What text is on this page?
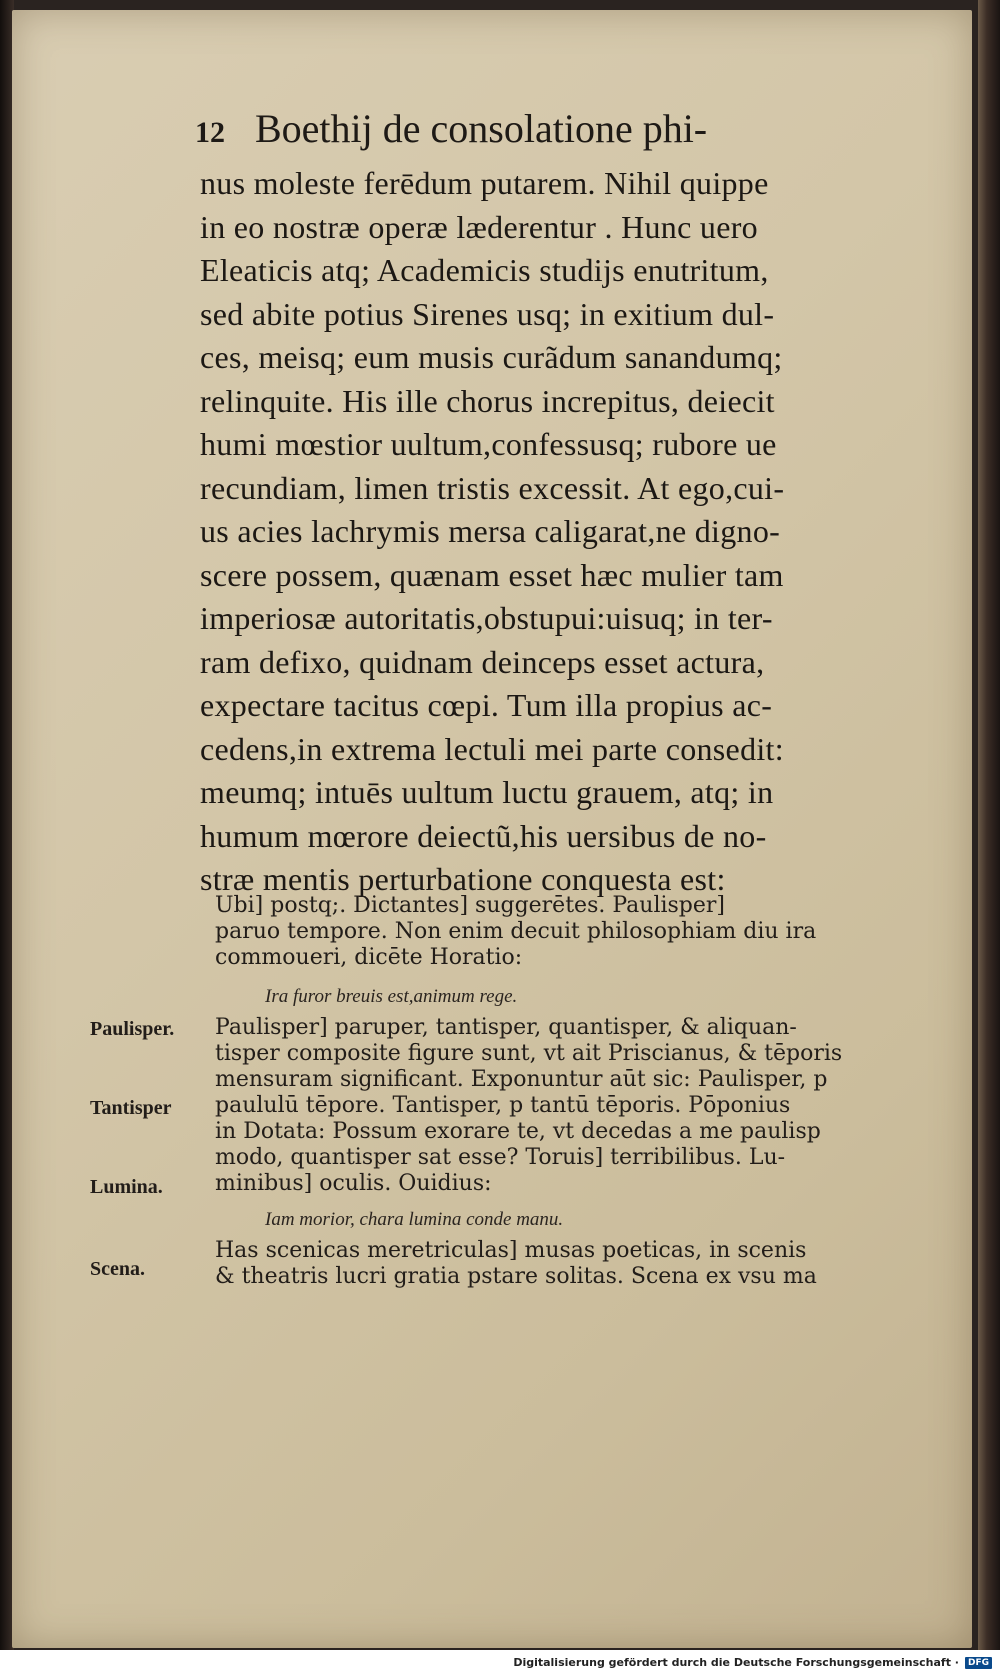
12 Boethij de consolatione phi-
nus moleste ferēdum putarem. Nihil quippe
in eo nostræ operæ læderentur . Hunc uero
Eleaticis atq; Academicis studijs enutritum,
sed abite potius Sirenes usq; in exitium dul-
ces, meisq; eum musis curãdum sanandumq;
relinquite. His ille chorus increpitus, deiecit
humi mœstior uultum,confessusq; rubore ue
recundiam, limen tristis excessit. At ego,cui-
us acies lachrymis mersa caligarat,ne digno-
scere possem, quænam esset hæc mulier tam
imperiosæ autoritatis,obstupui:uisuq; in ter-
ram defixo, quidnam deinceps esset actura,
expectare tacitus cœpi. Tum illa propius ac-
cedens,in extrema lectuli mei parte consedit:
meumq; intuēs uultum luctu grauem, atq; in
humum mœrore deiectũ,his uersibus de no-
stræ mentis perturbatione conquesta est:
Ubi] postq;. Dictantes] suggerētes. Paulisper]
paruo tempore. Non enim decuit philosophiam diu ira
commoueri, dicēte Horatio:
Ira furor breuis est,animum rege.
Paulisper] paruper, tantisper, quantisper, & aliquan-
tisper composite figure sunt, vt ait Priscianus, & tēporis
mensuram significant. Exponuntur aūt sic: Paulisper, p
paululū tēpore. Tantisper, p tantū tēporis. Pōponius
in Dotata: Possum exorare te, vt decedas a me paulisp
modo, quantisper sat esse? Toruis] terribilibus. Lu-
minibus] oculis. Ouidius:
Iam morior, chara lumina conde manu.
Has scenicas meretriculas] musas poeticas, in scenis
& theatris lucri gratia pstare solitas. Scena ex vsu ma
Paulisper.
Tantisper
Lumina.
Scena.
Digitalisierung gefördert durch die Deutsche Forschungsgemeinschaft ·	DFG
